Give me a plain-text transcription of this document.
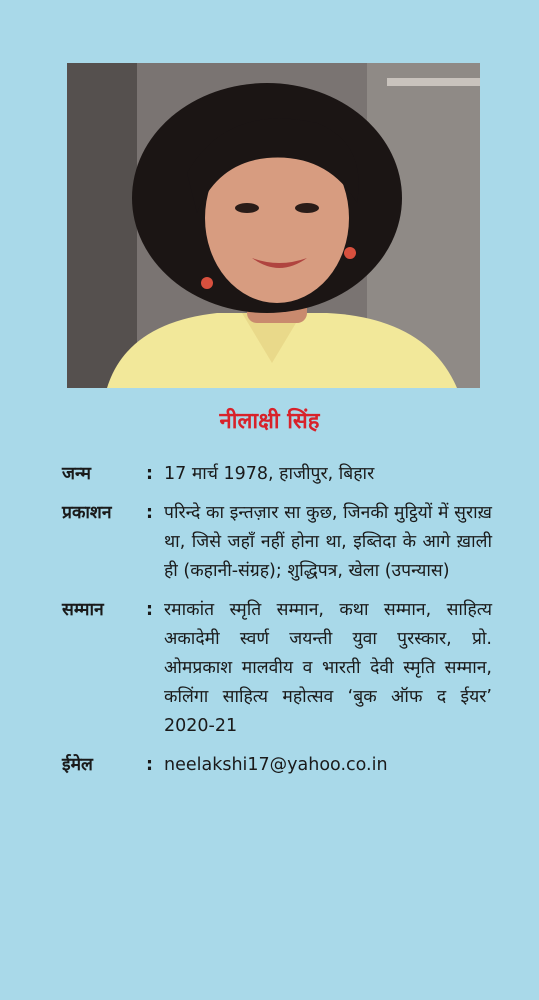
नीलाक्षी सिंह
जन्म	: 17 मार्च 1978, हाजीपुर, बिहार
प्रकाशन	: परिन्दे का इन्तज़ार सा कुछ, जिनकी मुट्ठियों में सुराख़ था, जिसे जहाँ नहीं होना था, इब्तिदा के आगे ख़ाली ही (कहानी-संग्रह); शुद्धिपत्र, खेला (उपन्यास)
सम्मान	: रमाकांत स्मृति सम्मान, कथा सम्मान, साहित्य अकादेमी स्वर्ण जयन्ती युवा पुरस्कार, प्रो. ओमप्रकाश मालवीय व भारती देवी स्मृति सम्मान, कलिंगा साहित्य महोत्सव ‘बुक ऑफ द ईयर’ 2020-21
ईमेल	: neelakshi17@yahoo.co.in
